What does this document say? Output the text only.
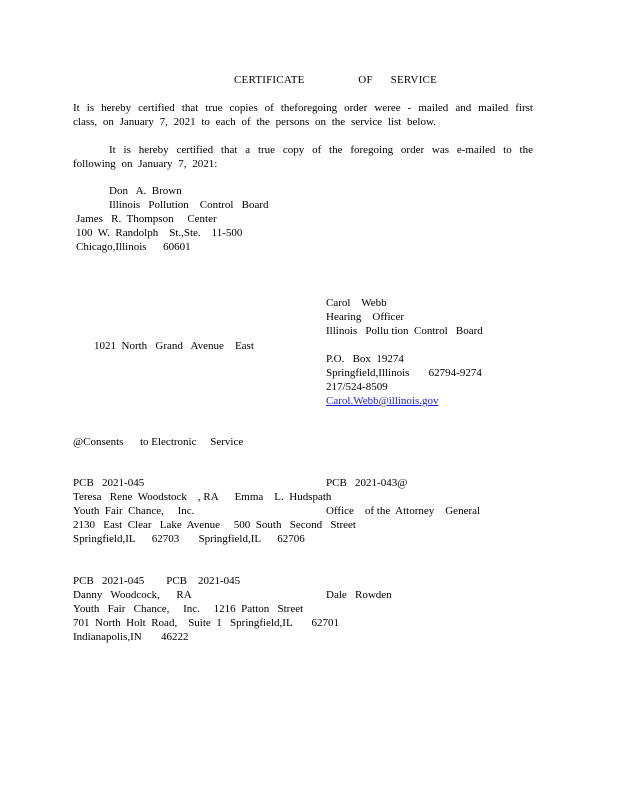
CERTIFICATE      OF  SERVICE
It is hereby certified that true copies of theforegoing order weree - mailed and mailed first class, on January 7, 2021 to each of the persons on the service list below.
It is hereby certified that a true copy of the foregoing order was e-mailed to the following on January 7, 2021:
Don   A.  Brown
Illinois   Pollution    Control   Board
James   R.  Thompson     Center
100  W.  Randolph    St.,Ste.    11-500
Chicago,Illinois      60601
Carol    Webb
Hearing    Officer
Illinois   Pollu tion  Control   Board
P.O.   Box  19274
Springfield,Illinois       62794-9274
217/524-8509
Carol.Webb@illinois.gov
1021  North   Grand   Avenue    East
@Consents      to Electronic     Service
PCB   2021-045
Teresa   Rene  Woodstock    , RA      Emma    L.  Hudspath
Youth  Fair  Chance,     Inc.
2130   East  Clear   Lake  Avenue     500  South   Second   Street
Springfield,IL      62703       Springfield,IL      62706
PCB   2021-043@
Office    of the  Attorney    General
PCB   2021-045        PCB    2021-045
Danny   Woodcock,      RA
Youth   Fair   Chance,     Inc.     1216  Patton   Street
701  North  Holt  Road,    Suite  1   Springfield,IL       62701
Indianapolis,IN       46222
Dale   Rowden
